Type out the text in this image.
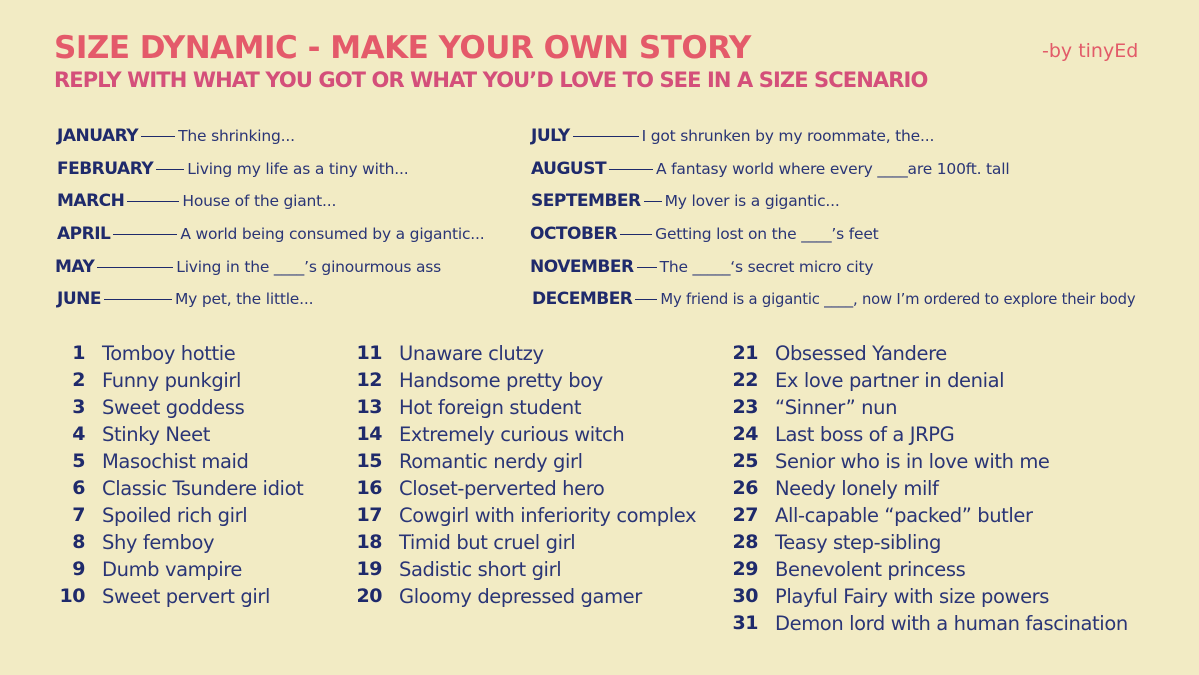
SIZE DYNAMIC - MAKE YOUR OWN STORY
REPLY WITH WHAT YOU GOT OR WHAT YOU’D LOVE TO SEE IN A SIZE SCENARIO
-by tinyEd
JANUARY	The shrinking...
FEBRUARY Living my life as a tiny with...
MARCH	House of the giant...
APRIL	A world being consumed by a gigantic...
MAY	Living in the ____’s ginourmous ass
JUNE	My pet, the little...
JULY	I got shrunken by my roommate, the...
AUGUST	A fantasy world where every ____are 100ft. tall
SEPTEMBER My lover is a gigantic...
OCTOBER Getting lost on the ____’s feet
NOVEMBER The _____‘s secret micro city
DECEMBER My friend is a gigantic ____, now I’m ordered to explore their body
1 Tomboy hottie
2 Funny punkgirl
3 Sweet goddess
4 Stinky Neet
5 Masochist maid
6 Classic Tsundere idiot
7 Spoiled rich girl
8 Shy femboy
9 Dumb vampire
10 Sweet pervert girl
11 Unaware clutzy
12 Handsome pretty boy
13 Hot foreign student
14 Extremely curious witch
15 Romantic nerdy girl
16 Closet-perverted hero
17 Cowgirl with inferiority complex
18 Timid but cruel girl
19 Sadistic short girl
20 Gloomy depressed gamer
21 Obsessed Yandere
22 Ex love partner in denial
23 “Sinner” nun
24 Last boss of a JRPG
25 Senior who is in love with me
26 Needy lonely milf
27 All-capable “packed” butler
28 Teasy step-sibling
29 Benevolent princess
30 Playful Fairy with size powers
31 Demon lord with a human fascination
